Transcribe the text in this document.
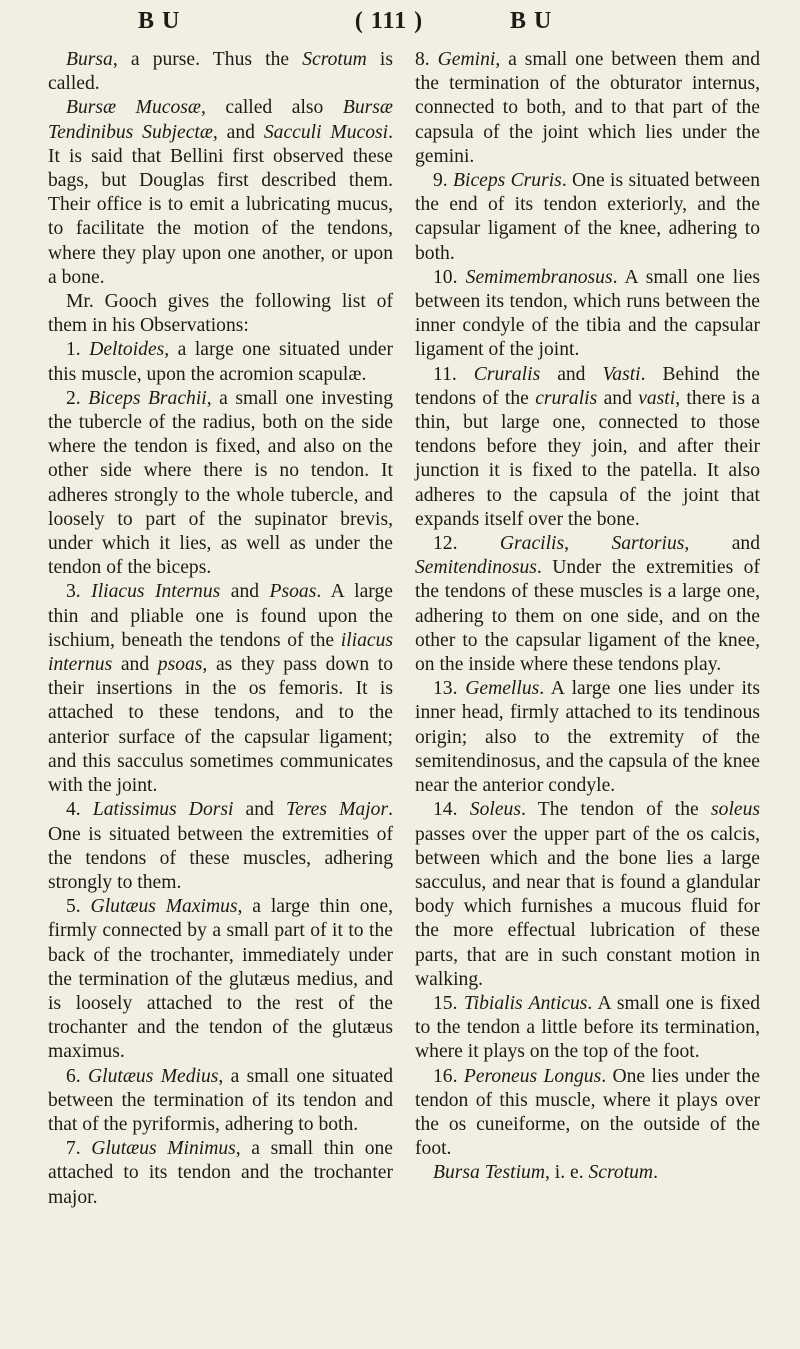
B U	( 111 )	B U

Bursa, a purse. Thus the Scrotum is called.

Bursæ Mucosæ, called also Bursæ Tendinibus Subjectæ, and Sacculi Mucosi. It is said that Bellini first observed these bags, but Douglas first described them. Their office is to emit a lubricating mucus, to facilitate the motion of the tendons, where they play upon one another, or upon a bone.

Mr. Gooch gives the following list of them in his Observations:

1. Deltoides, a large one situated under this muscle, upon the acromion scapulæ.

2. Biceps Brachii, a small one investing the tubercle of the radius, both on the side where the tendon is fixed, and also on the other side where there is no tendon. It adheres strongly to the whole tubercle, and loosely to part of the supinator brevis, under which it lies, as well as under the tendon of the biceps.

3. Iliacus Internus and Psoas. A large thin and pliable one is found upon the ischium, beneath the tendons of the iliacus internus and psoas, as they pass down to their insertions in the os femoris. It is attached to these tendons, and to the anterior surface of the capsular ligament; and this sacculus sometimes communicates with the joint.

4. Latissimus Dorsi and Teres Major. One is situated between the extremities of the tendons of these muscles, adhering strongly to them.

5. Glutæus Maximus, a large thin one, firmly connected by a small part of it to the back of the trochanter, immediately under the termination of the glutæus medius, and is loosely attached to the rest of the trochanter and the tendon of the glutæus maximus.

6. Glutæus Medius, a small one situated between the termination of its tendon and that of the pyriformis, adhering to both.

7. Glutæus Minimus, a small thin one attached to its tendon and the trochanter major.

8. Gemini, a small one between them and the termination of the obturator internus, connected to both, and to that part of the capsula of the joint which lies under the gemini.

9. Biceps Cruris. One is situated between the end of its tendon exteriorly, and the capsular ligament of the knee, adhering to both.

10. Semimembranosus. A small one lies between its tendon, which runs between the inner condyle of the tibia and the capsular ligament of the joint.

11. Cruralis and Vasti. Behind the tendons of the cruralis and vasti, there is a thin, but large one, connected to those tendons before they join, and after their junction it is fixed to the patella. It also adheres to the capsula of the joint that expands itself over the bone.

12. Gracilis, Sartorius, and Semitendinosus. Under the extremities of the tendons of these muscles is a large one, adhering to them on one side, and on the other to the capsular ligament of the knee, on the inside where these tendons play.

13. Gemellus. A large one lies under its inner head, firmly attached to its tendinous origin; also to the extremity of the semitendinosus, and the capsula of the knee near the anterior condyle.

14. Soleus. The tendon of the soleus passes over the upper part of the os calcis, between which and the bone lies a large sacculus, and near that is found a glandular body which furnishes a mucous fluid for the more effectual lubrication of these parts, that are in such constant motion in walking.

15. Tibialis Anticus. A small one is fixed to the tendon a little before its termination, where it plays on the top of the foot.

16. Peroneus Longus. One lies under the tendon of this muscle, where it plays over the os cuneiforme, on the outside of the foot.

Bursa Testium, i. e. Scrotum.
